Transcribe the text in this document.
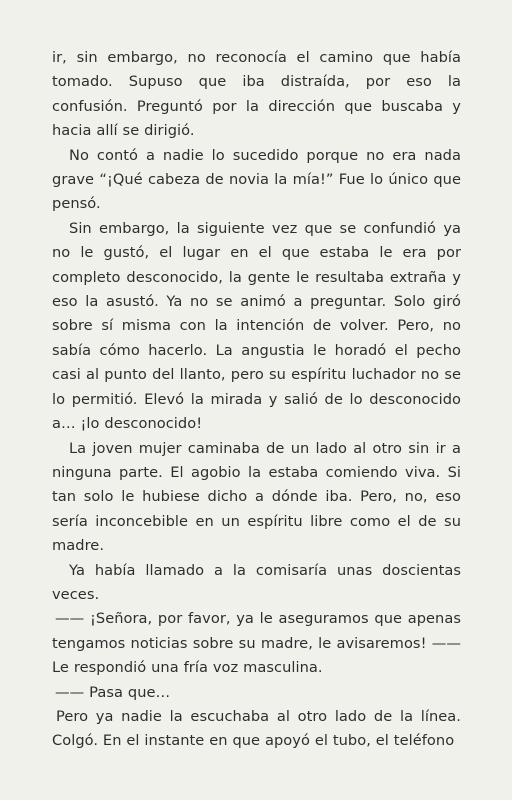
ir, sin embargo, no reconocía el camino que había tomado. Supuso que iba distraída, por eso la confusión. Preguntó por la dirección que buscaba y hacia allí se dirigió.

No contó a nadie lo sucedido porque no era nada grave “¡Qué cabeza de novia la mía!” Fue lo único que pensó.

Sin embargo, la siguiente vez que se confundió ya no le gustó, el lugar en el que estaba le era por completo desconocido, la gente le resultaba extraña y eso la asustó. Ya no se animó a preguntar. Solo giró sobre sí misma con la intención de volver. Pero, no sabía cómo hacerlo. La angustia le horadó el pecho casi al punto del llanto, pero su espíritu luchador no se lo permitió. Elevó la mirada y salió de lo desconocido a… ¡lo desconocido!

La joven mujer caminaba de un lado al otro sin ir a ninguna parte. El agobio la estaba comiendo viva. Si tan solo le hubiese dicho a dónde iba. Pero, no, eso sería inconcebible en un espíritu libre como el de su madre.

Ya había llamado a la comisaría unas doscientas veces.

—— ¡Señora, por favor, ya le aseguramos que apenas tengamos noticias sobre su madre, le avisaremos! —— Le respondió una fría voz masculina.

—— Pasa que…

Pero ya nadie la escuchaba al otro lado de la línea. Colgó. En el instante en que apoyó el tubo, el teléfono
